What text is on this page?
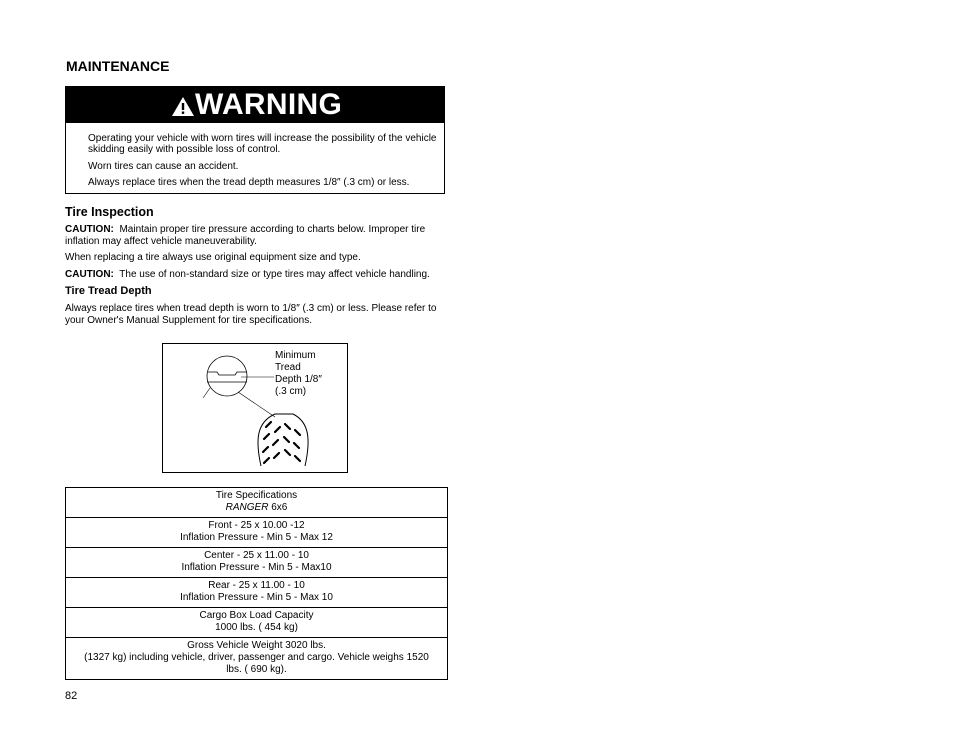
MAINTENANCE
WARNING
Operating your vehicle with worn tires will increase the possibility of the vehicle skidding easily with possible loss of control.
Worn tires can cause an accident.
Always replace tires when the tread depth measures 1/8″ (.3 cm) or less.
Tire Inspection
CAUTION: Maintain proper tire pressure according to charts below. Improper tire inflation may affect vehicle maneuverability.
When replacing a tire always use original equipment size and type.
CAUTION: The use of non-standard size or type tires may affect vehicle handling.
Tire Tread Depth
Always replace tires when tread depth is worn to 1/8″ (.3 cm) or less. Please refer to your Owner's Manual Supplement for tire specifications.
Minimum
Tread
Depth 1/8″
(.3 cm)
Tire Specifications
RANGER 6x6

Front - 25 x 10.00 -12
Inflation Pressure - Min 5 - Max 12

Center - 25 x 11.00 - 10
Inflation Pressure - Min 5 - Max10

Rear - 25 x 11.00 - 10
Inflation Pressure - Min 5 - Max 10

Cargo Box Load Capacity
1000 lbs. ( 454 kg)

Gross Vehicle Weight 3020 lbs.
(1327 kg) including vehicle, driver, passenger and cargo. Vehicle weighs 1520 lbs. ( 690 kg).
82
